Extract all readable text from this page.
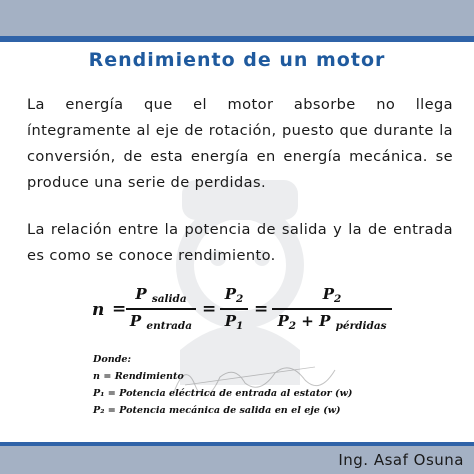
Rendimiento de un motor
La energía que el motor absorbe no llega íntegramente al eje de rotación, puesto que durante la conversión, de esta energía en energía mecánica. se produce una serie de perdidas.
La relación entre la potencia de salida y la de entrada es como se conoce rendimiento.
n =
P $_{salida}$
P $_{entrada}$
=
$P_2$
$P_1$
=
$P_2$
$P_2 + P$ $_{pérdidas}$
Donde:
n = Rendimiento
P₁ = Potencia eléctrica de entrada al estator (w)
P₂ = Potencia mecánica de salida en el eje (w)
Ing. Asaf Osuna
